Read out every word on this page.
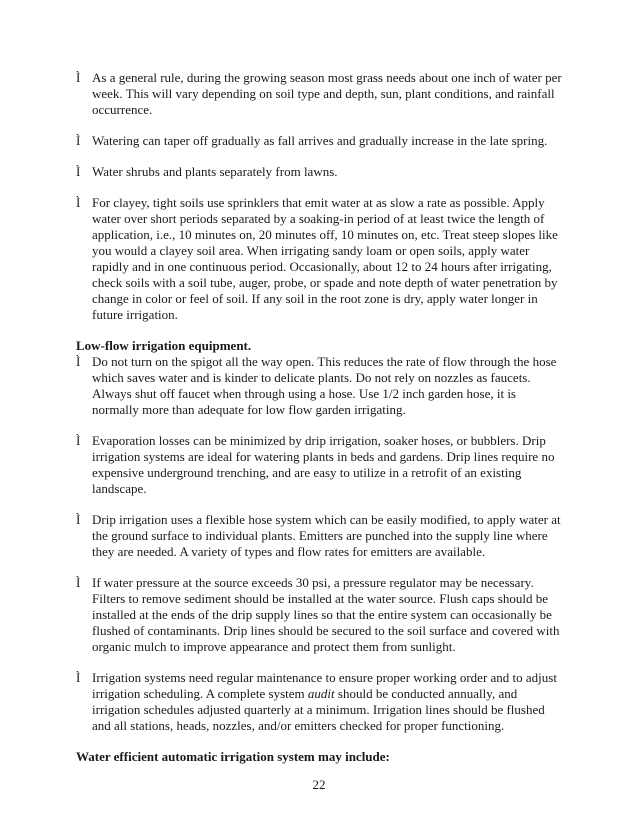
Ì As a general rule, during the growing season most grass needs about one inch of water per week. This will vary depending on soil type and depth, sun, plant conditions, and rainfall occurrence.
Ì Watering can taper off gradually as fall arrives and gradually increase in the late spring.
Ì Water shrubs and plants separately from lawns.
Ì For clayey, tight soils use sprinklers that emit water at as slow a rate as possible. Apply water over short periods separated by a soaking-in period of at least twice the length of application, i.e., 10 minutes on, 20 minutes off, 10 minutes on, etc. Treat steep slopes like you would a clayey soil area. When irrigating sandy loam or open soils, apply water rapidly and in one continuous period. Occasionally, about 12 to 24 hours after irrigating, check soils with a soil tube, auger, probe, or spade and note depth of water penetration by change in color or feel of soil. If any soil in the root zone is dry, apply water longer in future irrigation.
Low-flow irrigation equipment.
Ì Do not turn on the spigot all the way open. This reduces the rate of flow through the hose which saves water and is kinder to delicate plants. Do not rely on nozzles as faucets. Always shut off faucet when through using a hose. Use 1/2 inch garden hose, it is normally more than adequate for low flow garden irrigating.
Ì Evaporation losses can be minimized by drip irrigation, soaker hoses, or bubblers. Drip irrigation systems are ideal for watering plants in beds and gardens. Drip lines require no expensive underground trenching, and are easy to utilize in a retrofit of an existing landscape.
Ì Drip irrigation uses a flexible hose system which can be easily modified, to apply water at the ground surface to individual plants. Emitters are punched into the supply line where they are needed. A variety of types and flow rates for emitters are available.
Ì If water pressure at the source exceeds 30 psi, a pressure regulator may be necessary. Filters to remove sediment should be installed at the water source. Flush caps should be installed at the ends of the drip supply lines so that the entire system can occasionally be flushed of contaminants. Drip lines should be secured to the soil surface and covered with organic mulch to improve appearance and protect them from sunlight.
Ì Irrigation systems need regular maintenance to ensure proper working order and to adjust irrigation scheduling. A complete system audit should be conducted annually, and irrigation schedules adjusted quarterly at a minimum. Irrigation lines should be flushed and all stations, heads, nozzles, and/or emitters checked for proper functioning.
Water efficient automatic irrigation system may include:
22
